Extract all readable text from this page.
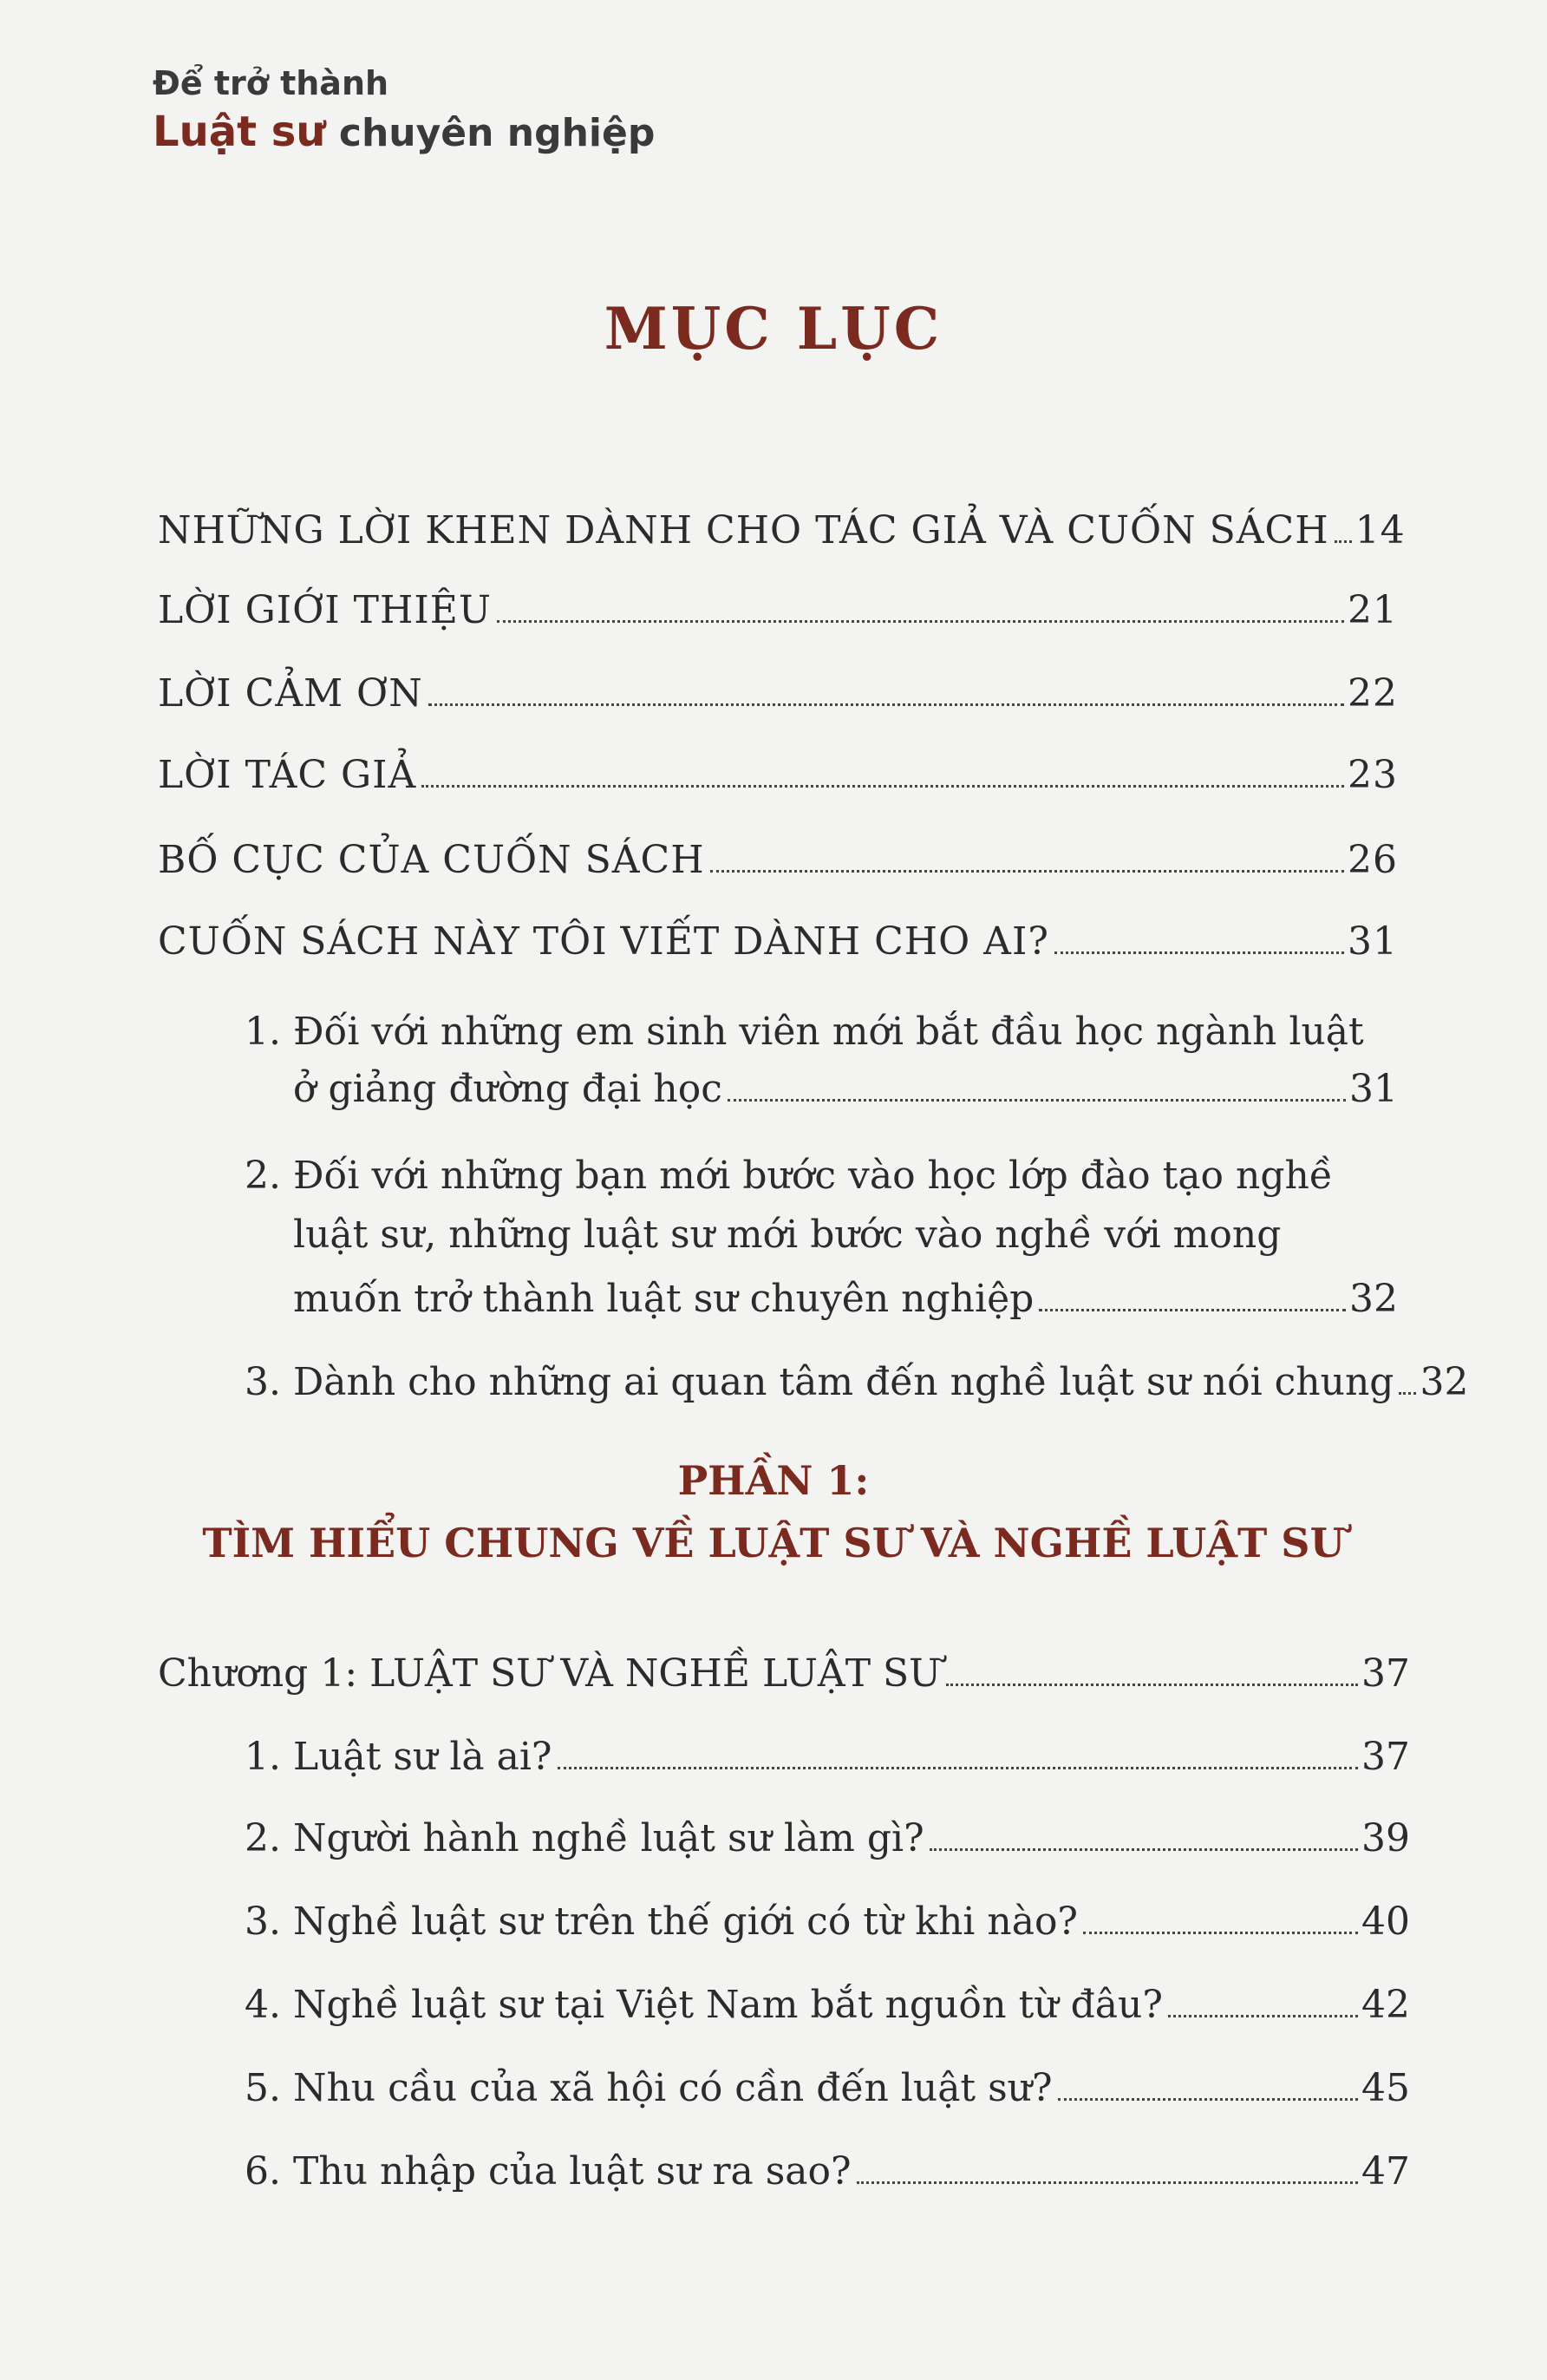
Để trở thành
Luật sư chuyên nghiệp
MỤC LỤC
NHỮNG LỜI KHEN DÀNH CHO TÁC GIẢ VÀ CUỐN SÁCH 14
LỜI GIỚI THIỆU	21
LỜI CẢM ƠN	22
LỜI TÁC GIẢ	23
BỐ CỤC CỦA CUỐN SÁCH	26
CUỐN SÁCH NÀY TÔI VIẾT DÀNH CHO AI?	31
1. Đối với những em sinh viên mới bắt đầu học ngành luật
ở giảng đường đại học	31
2. Đối với những bạn mới bước vào học lớp đào tạo nghề
luật sư, những luật sư mới bước vào nghề với mong
muốn trở thành luật sư chuyên nghiệp	32
3. Dành cho những ai quan tâm đến nghề luật sư nói chung 32
PHẦN 1:
TÌM HIỂU CHUNG VỀ LUẬT SƯ VÀ NGHỀ LUẬT SƯ
Chương 1: LUẬT SƯ VÀ NGHỀ LUẬT SƯ	37
1. Luật sư là ai?	37
2. Người hành nghề luật sư làm gì?	39
3. Nghề luật sư trên thế giới có từ khi nào?	40
4. Nghề luật sư tại Việt Nam bắt nguồn từ đâu?	42
5. Nhu cầu của xã hội có cần đến luật sư?	45
6. Thu nhập của luật sư ra sao?	47
